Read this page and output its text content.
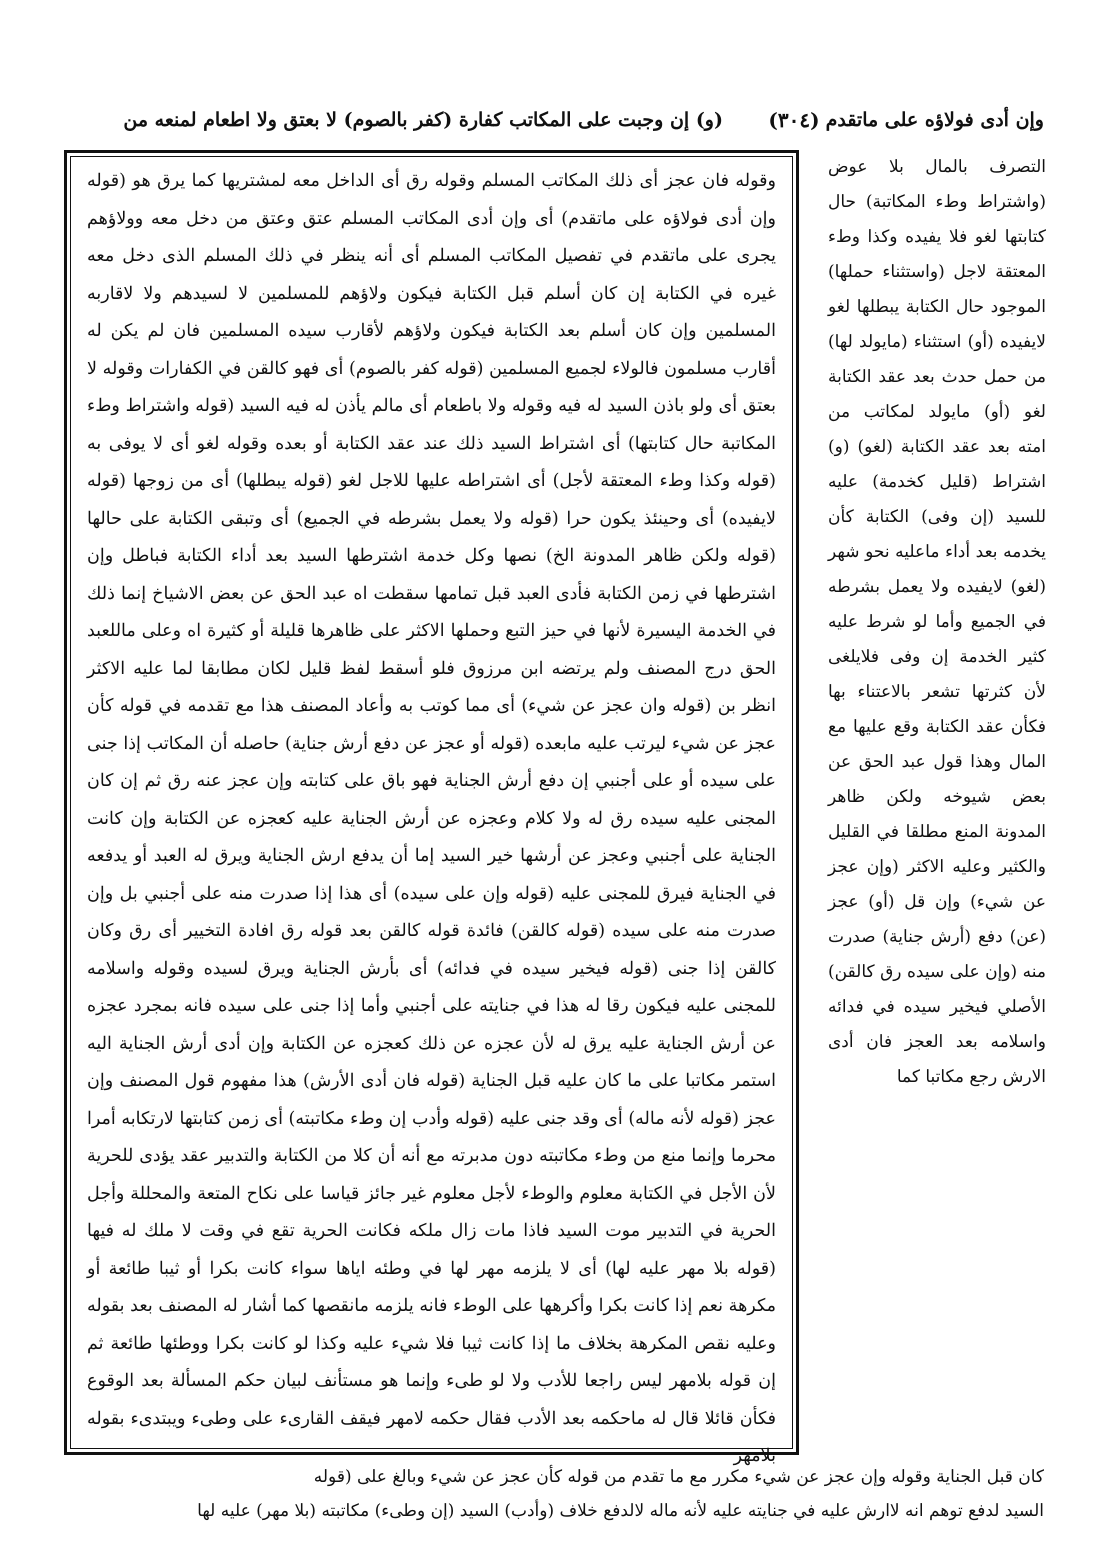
وإن أدى فولاؤه على ماتقدم
(٣٠٤)
(و) إن وجبت على المكاتب كفارة (كفر بالصوم) لا بعتق ولا اطعام لمنعه من

التصرف بالمال بلا عوض (واشتراط وطء المكاتبة) حال كتابتها لغو فلا يفيده وكذا وطء المعتقة لاجل (واستثناء حملها) الموجود حال الكتابة يبطلها لغو لايفيده (أو) استثناء (مايولد لها) من حمل حدث بعد عقد الكتابة لغو (أو) مايولد لمكاتب من امته بعد عقد الكتابة (لغو) (و) اشتراط (قليل كخدمة) عليه للسيد (إن وفى) الكتابة كأن يخدمه بعد أداء ماعليه نحو شهر (لغو) لايفيده ولا يعمل بشرطه في الجميع وأما لو شرط عليه كثير الخدمة إن وفى فلايلغى لأن كثرتها تشعر بالاعتناء بها فكأن عقد الكتابة وقع عليها مع المال وهذا قول عبد الحق عن بعض شيوخه ولكن ظاهر المدونة المنع مطلقا في القليل والكثير وعليه الاكثر (وإن عجز عن شيء) وإن قل (أو) عجز (عن) دفع (أرش جناية) صدرت منه (وإن على سيده رق كالقن) الأصلي فيخير سيده في فدائه واسلامه بعد العجز فان أدى الارش رجع مكاتبا كما

وقوله فان عجز أى ذلك المكاتب المسلم وقوله رق أى الداخل معه لمشتريها كما يرق هو (قوله وإن أدى فولاؤه على ماتقدم) أى وإن أدى المكاتب المسلم عتق وعتق من دخل معه وولاؤهم يجرى على ماتقدم في تفصيل المكاتب المسلم أى أنه ينظر في ذلك المسلم الذى دخل معه غيره في الكتابة إن كان أسلم قبل الكتابة فيكون ولاؤهم للمسلمين لا لسيدهم ولا لاقاربه المسلمين وإن كان أسلم بعد الكتابة فيكون ولاؤهم لأقارب سيده المسلمين فان لم يكن له أقارب مسلمون فالولاء لجميع المسلمين (قوله كفر بالصوم) أى فهو كالقن في الكفارات وقوله لا بعتق أى ولو باذن السيد له فيه وقوله ولا باطعام أى مالم يأذن له فيه السيد (قوله واشتراط وطء المكاتبة حال كتابتها) أى اشتراط السيد ذلك عند عقد الكتابة أو بعده وقوله لغو أى لا يوفى به (قوله وكذا وطء المعتقة لأجل) أى اشتراطه عليها للاجل لغو (قوله يبطلها) أى من زوجها (قوله لايفيده) أى وحينئذ يكون حرا (قوله ولا يعمل بشرطه في الجميع) أى وتبقى الكتابة على حالها (قوله ولكن ظاهر المدونة الخ) نصها وكل خدمة اشترطها السيد بعد أداء الكتابة فباطل وإن اشترطها في زمن الكتابة فأدى العبد قبل تمامها سقطت اه عبد الحق عن بعض الاشياخ إنما ذلك في الخدمة اليسيرة لأنها في حيز التبع وحملها الاكثر على ظاهرها قليلة أو كثيرة اه وعلى ماللعبد الحق درج المصنف ولم يرتضه ابن مرزوق فلو أسقط لفظ قليل لكان مطابقا لما عليه الاكثر انظر بن (قوله وان عجز عن شيء) أى مما كوتب به وأعاد المصنف هذا مع تقدمه في قوله كأن عجز عن شيء ليرتب عليه مابعده (قوله أو عجز عن دفع أرش جناية) حاصله أن المكاتب إذا جنى على سيده أو على أجنبي إن دفع أرش الجناية فهو باق على كتابته وإن عجز عنه رق ثم إن كان المجنى عليه سيده رق له ولا كلام وعجزه عن أرش الجناية عليه كعجزه عن الكتابة وإن كانت الجناية على أجنبي وعجز عن أرشها خير السيد إما أن يدفع ارش الجناية ويرق له العبد أو يدفعه في الجناية فيرق للمجنى عليه (قوله وإن على سيده) أى هذا إذا صدرت منه على أجنبي بل وإن صدرت منه على سيده (قوله كالقن) فائدة قوله كالقن بعد قوله رق افادة التخيير أى رق وكان كالقن إذا جنى (قوله فيخير سيده في فدائه) أى بأرش الجناية ويرق لسيده وقوله واسلامه للمجنى عليه فيكون رقا له هذا في جنايته على أجنبي وأما إذا جنى على سيده فانه بمجرد عجزه عن أرش الجناية عليه يرق له لأن عجزه عن ذلك كعجزه عن الكتابة وإن أدى أرش الجناية اليه استمر مكاتبا على ما كان عليه قبل الجناية (قوله فان أدى الأرش) هذا مفهوم قول المصنف وإن عجز (قوله لأنه ماله) أى وقد جنى عليه (قوله وأدب إن وطء مكاتبته) أى زمن كتابتها لارتكابه أمرا محرما وإنما منع من وطء مكاتبته دون مدبرته مع أنه أن كلا من الكتابة والتدبير عقد يؤدى للحرية لأن الأجل في الكتابة معلوم والوطء لأجل معلوم غير جائز قياسا على نكاح المتعة والمحللة وأجل الحرية في التدبير موت السيد فاذا مات زال ملكه فكانت الحرية تقع في وقت لا ملك له فيها (قوله بلا مهر عليه لها) أى لا يلزمه مهر لها في وطئه اياها سواء كانت بكرا أو ثيبا طائعة أو مكرهة نعم إذا كانت بكرا وأكرهها على الوطء فانه يلزمه مانقصها كما أشار له المصنف بعد بقوله وعليه نقص المكرهة بخلاف ما إذا كانت ثيبا فلا شيء عليه وكذا لو كانت بكرا ووطئها طائعة ثم إن قوله بلامهر ليس راجعا للأدب ولا لو طىء وإنما هو مستأنف لبيان حكم المسألة بعد الوقوع فكأن قائلا قال له ماحكمه بعد الأدب فقال حكمه لامهر فيقف القارىء على وطىء ويبتدىء بقوله بلامهر

كان قبل الجناية وقوله وإن عجز عن شيء مكرر مع ما تقدم من قوله كأن عجز عن شيء وبالغ على (قوله

السيد لدفع توهم انه لاارش عليه في جنايته عليه لأنه ماله لالدفع خلاف (وأدب) السيد (إن وطىء) مكاتبته (بلا مهر) عليه لها
